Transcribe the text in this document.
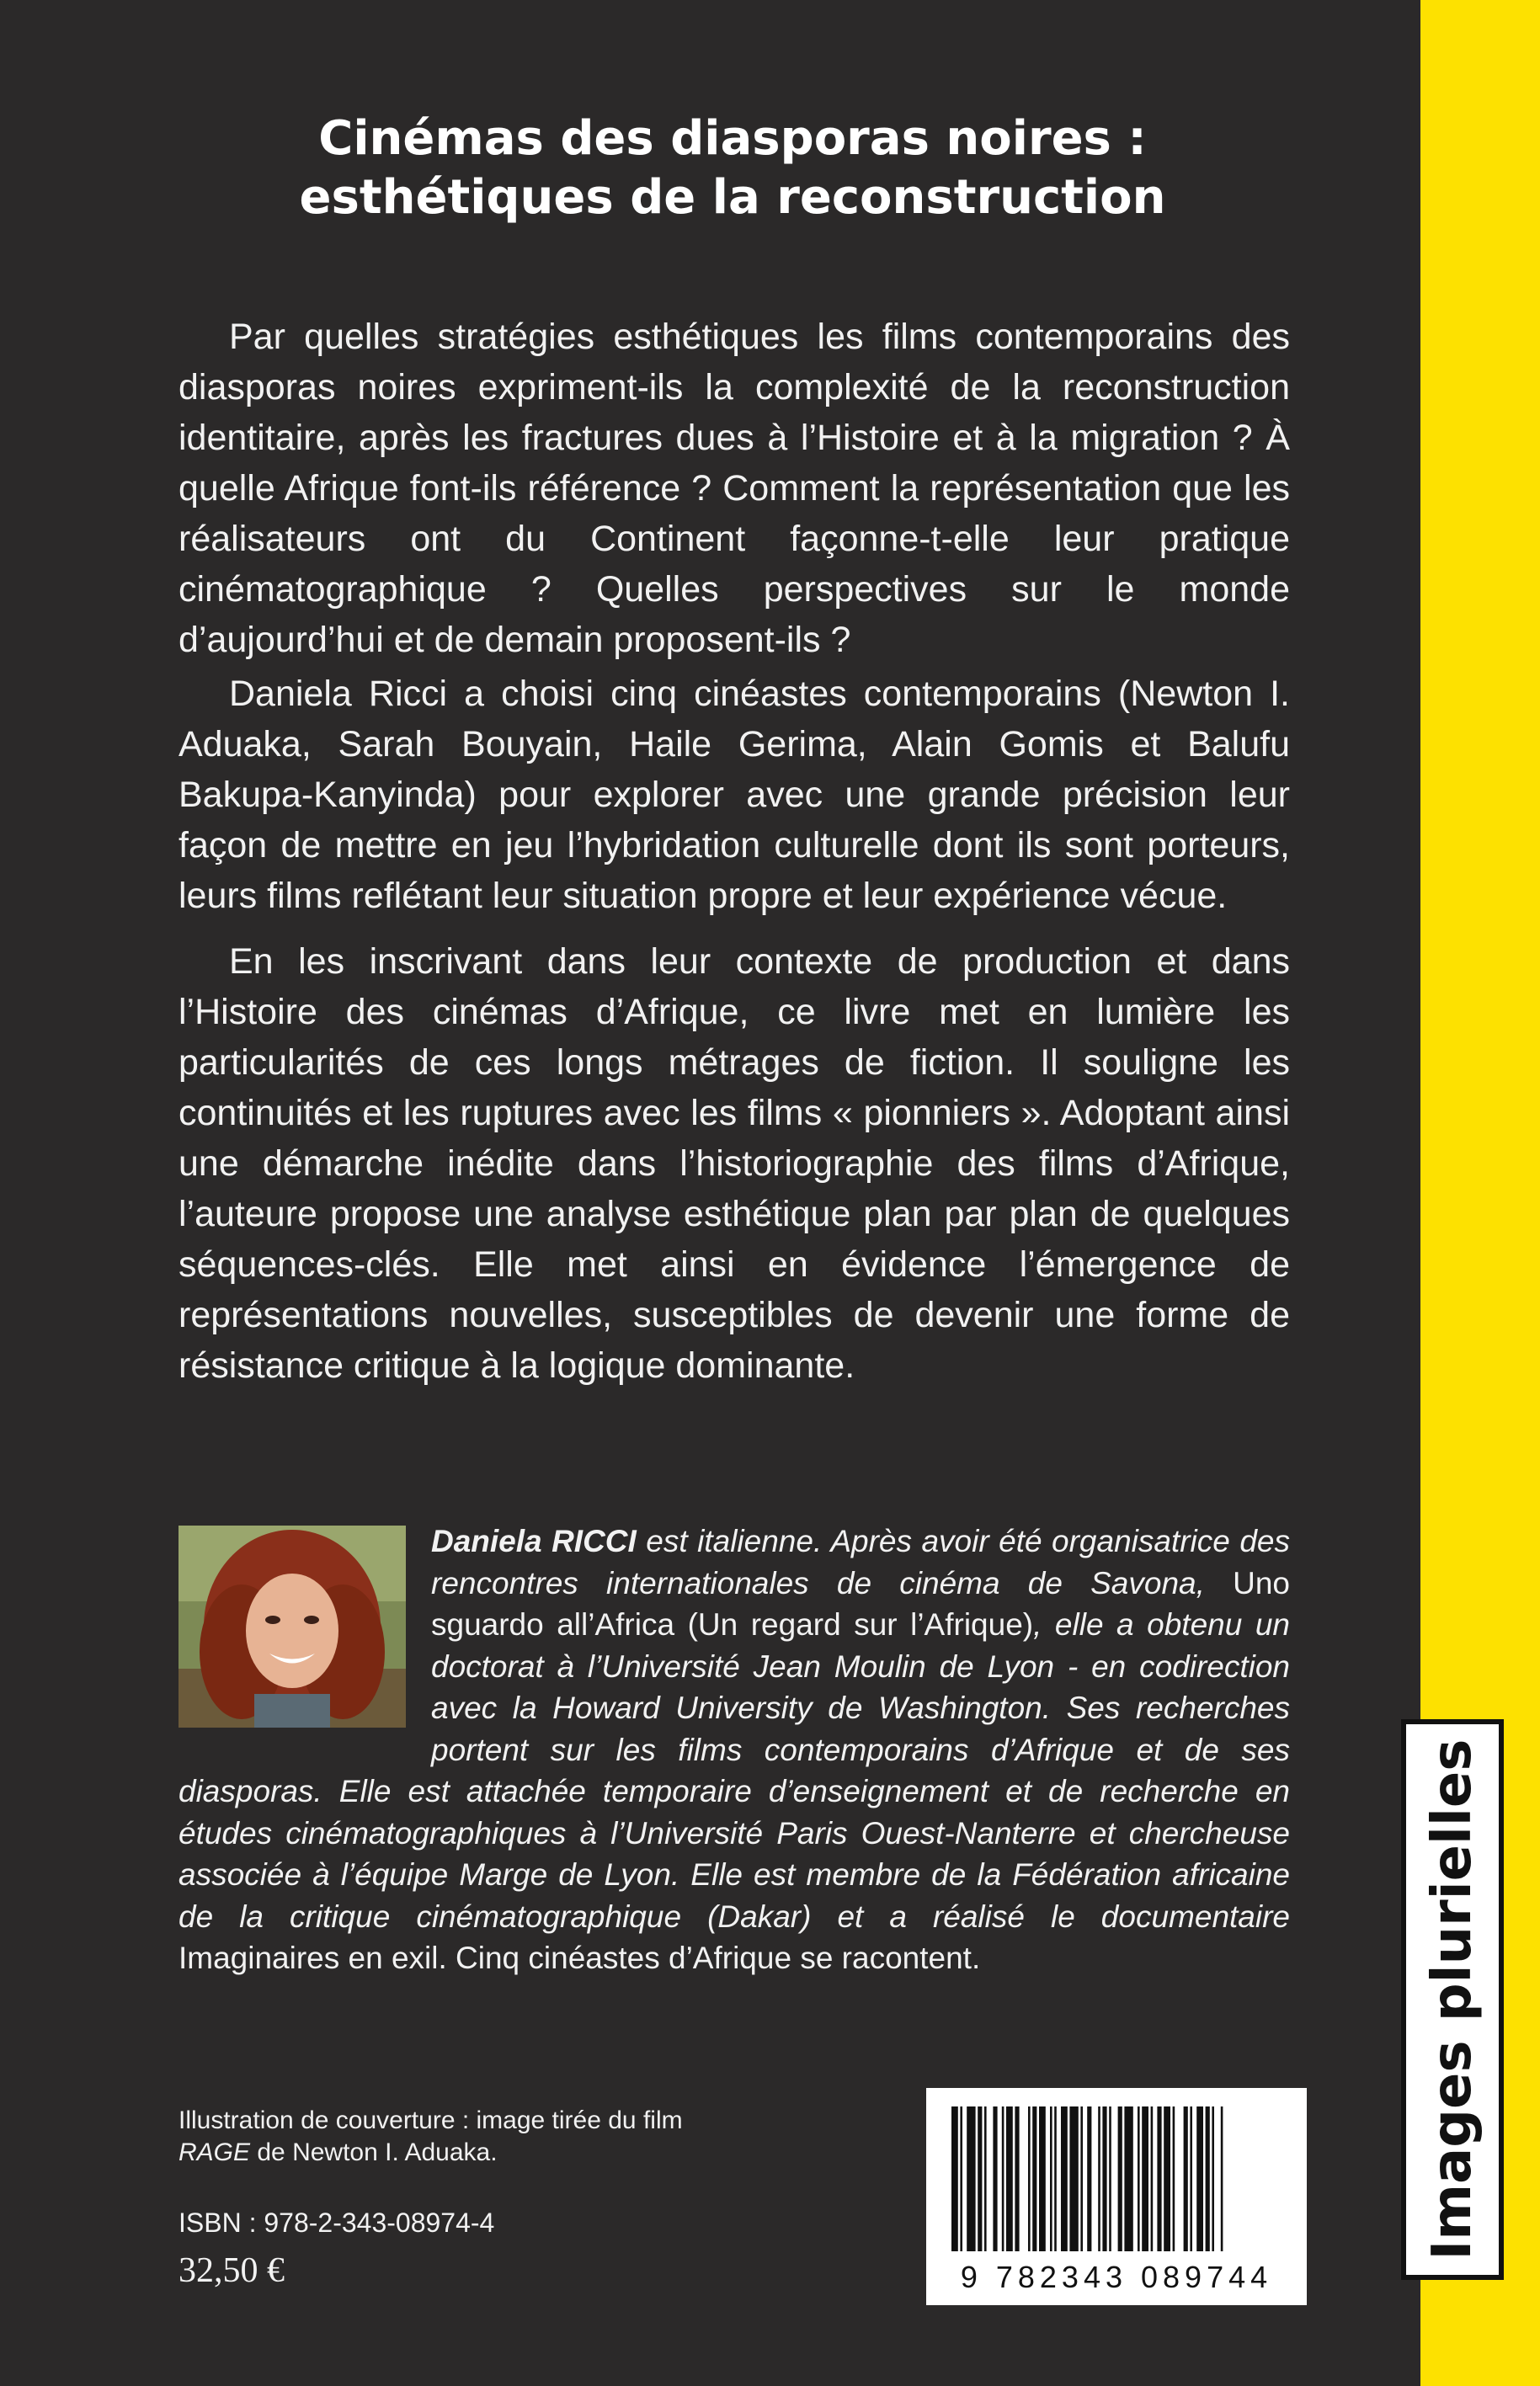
Images plurielles
Cinémas des diasporas noires :
esthétiques de la reconstruction

Par quelles stratégies esthétiques les films contemporains des diasporas noires expriment-ils la complexité de la reconstruction identitaire, après les fractures dues à l’Histoire et à la migration ? À quelle Afrique font-ils référence ? Comment la représentation que les réalisateurs ont du Continent façonne-t-elle leur pratique cinématographique ? Quelles perspectives sur le monde d’aujourd’hui et de demain proposent-ils ?

Daniela Ricci a choisi cinq cinéastes contemporains (Newton I. Aduaka, Sarah Bouyain, Haile Gerima, Alain Gomis et Balufu Bakupa-Kanyinda) pour explorer avec une grande précision leur façon de mettre en jeu l’hybridation culturelle dont ils sont porteurs, leurs films reflétant leur situation propre et leur expérience vécue.

En les inscrivant dans leur contexte de production et dans l’Histoire des cinémas d’Afrique, ce livre met en lumière les particularités de ces longs métrages de fiction. Il souligne les continuités et les ruptures avec les films « pionniers ». Adoptant ainsi une démarche inédite dans l’historiographie des films d’Afrique, l’auteure propose une analyse esthétique plan par plan de quelques séquences-clés. Elle met ainsi en évidence l’émergence de représentations nouvelles, susceptibles de devenir une forme de résistance critique à la logique dominante.

Daniela RICCI est italienne. Après avoir été organisatrice des rencontres internationales de cinéma de Savona, Uno sguardo all’Africa (Un regard sur l’Afrique), elle a obtenu un doctorat à l’Université Jean Moulin de Lyon - en codirection avec la Howard University de Washington. Ses recherches portent sur les films contemporains d’Afrique et de ses diasporas. Elle est attachée temporaire d’enseignement et de recherche en études cinématographiques à l’Université Paris Ouest-Nanterre et chercheuse associée à l’équipe Marge de Lyon. Elle est membre de la Fédération africaine de la critique cinématographique (Dakar) et a réalisé le documentaire Imaginaires en exil. Cinq cinéastes d’Afrique se racontent.
Illustration de couverture : image tirée du film
RAGE de Newton I. Aduaka.
ISBN : 978-2-343-08974-4
32,50 €	9 782343 089744
